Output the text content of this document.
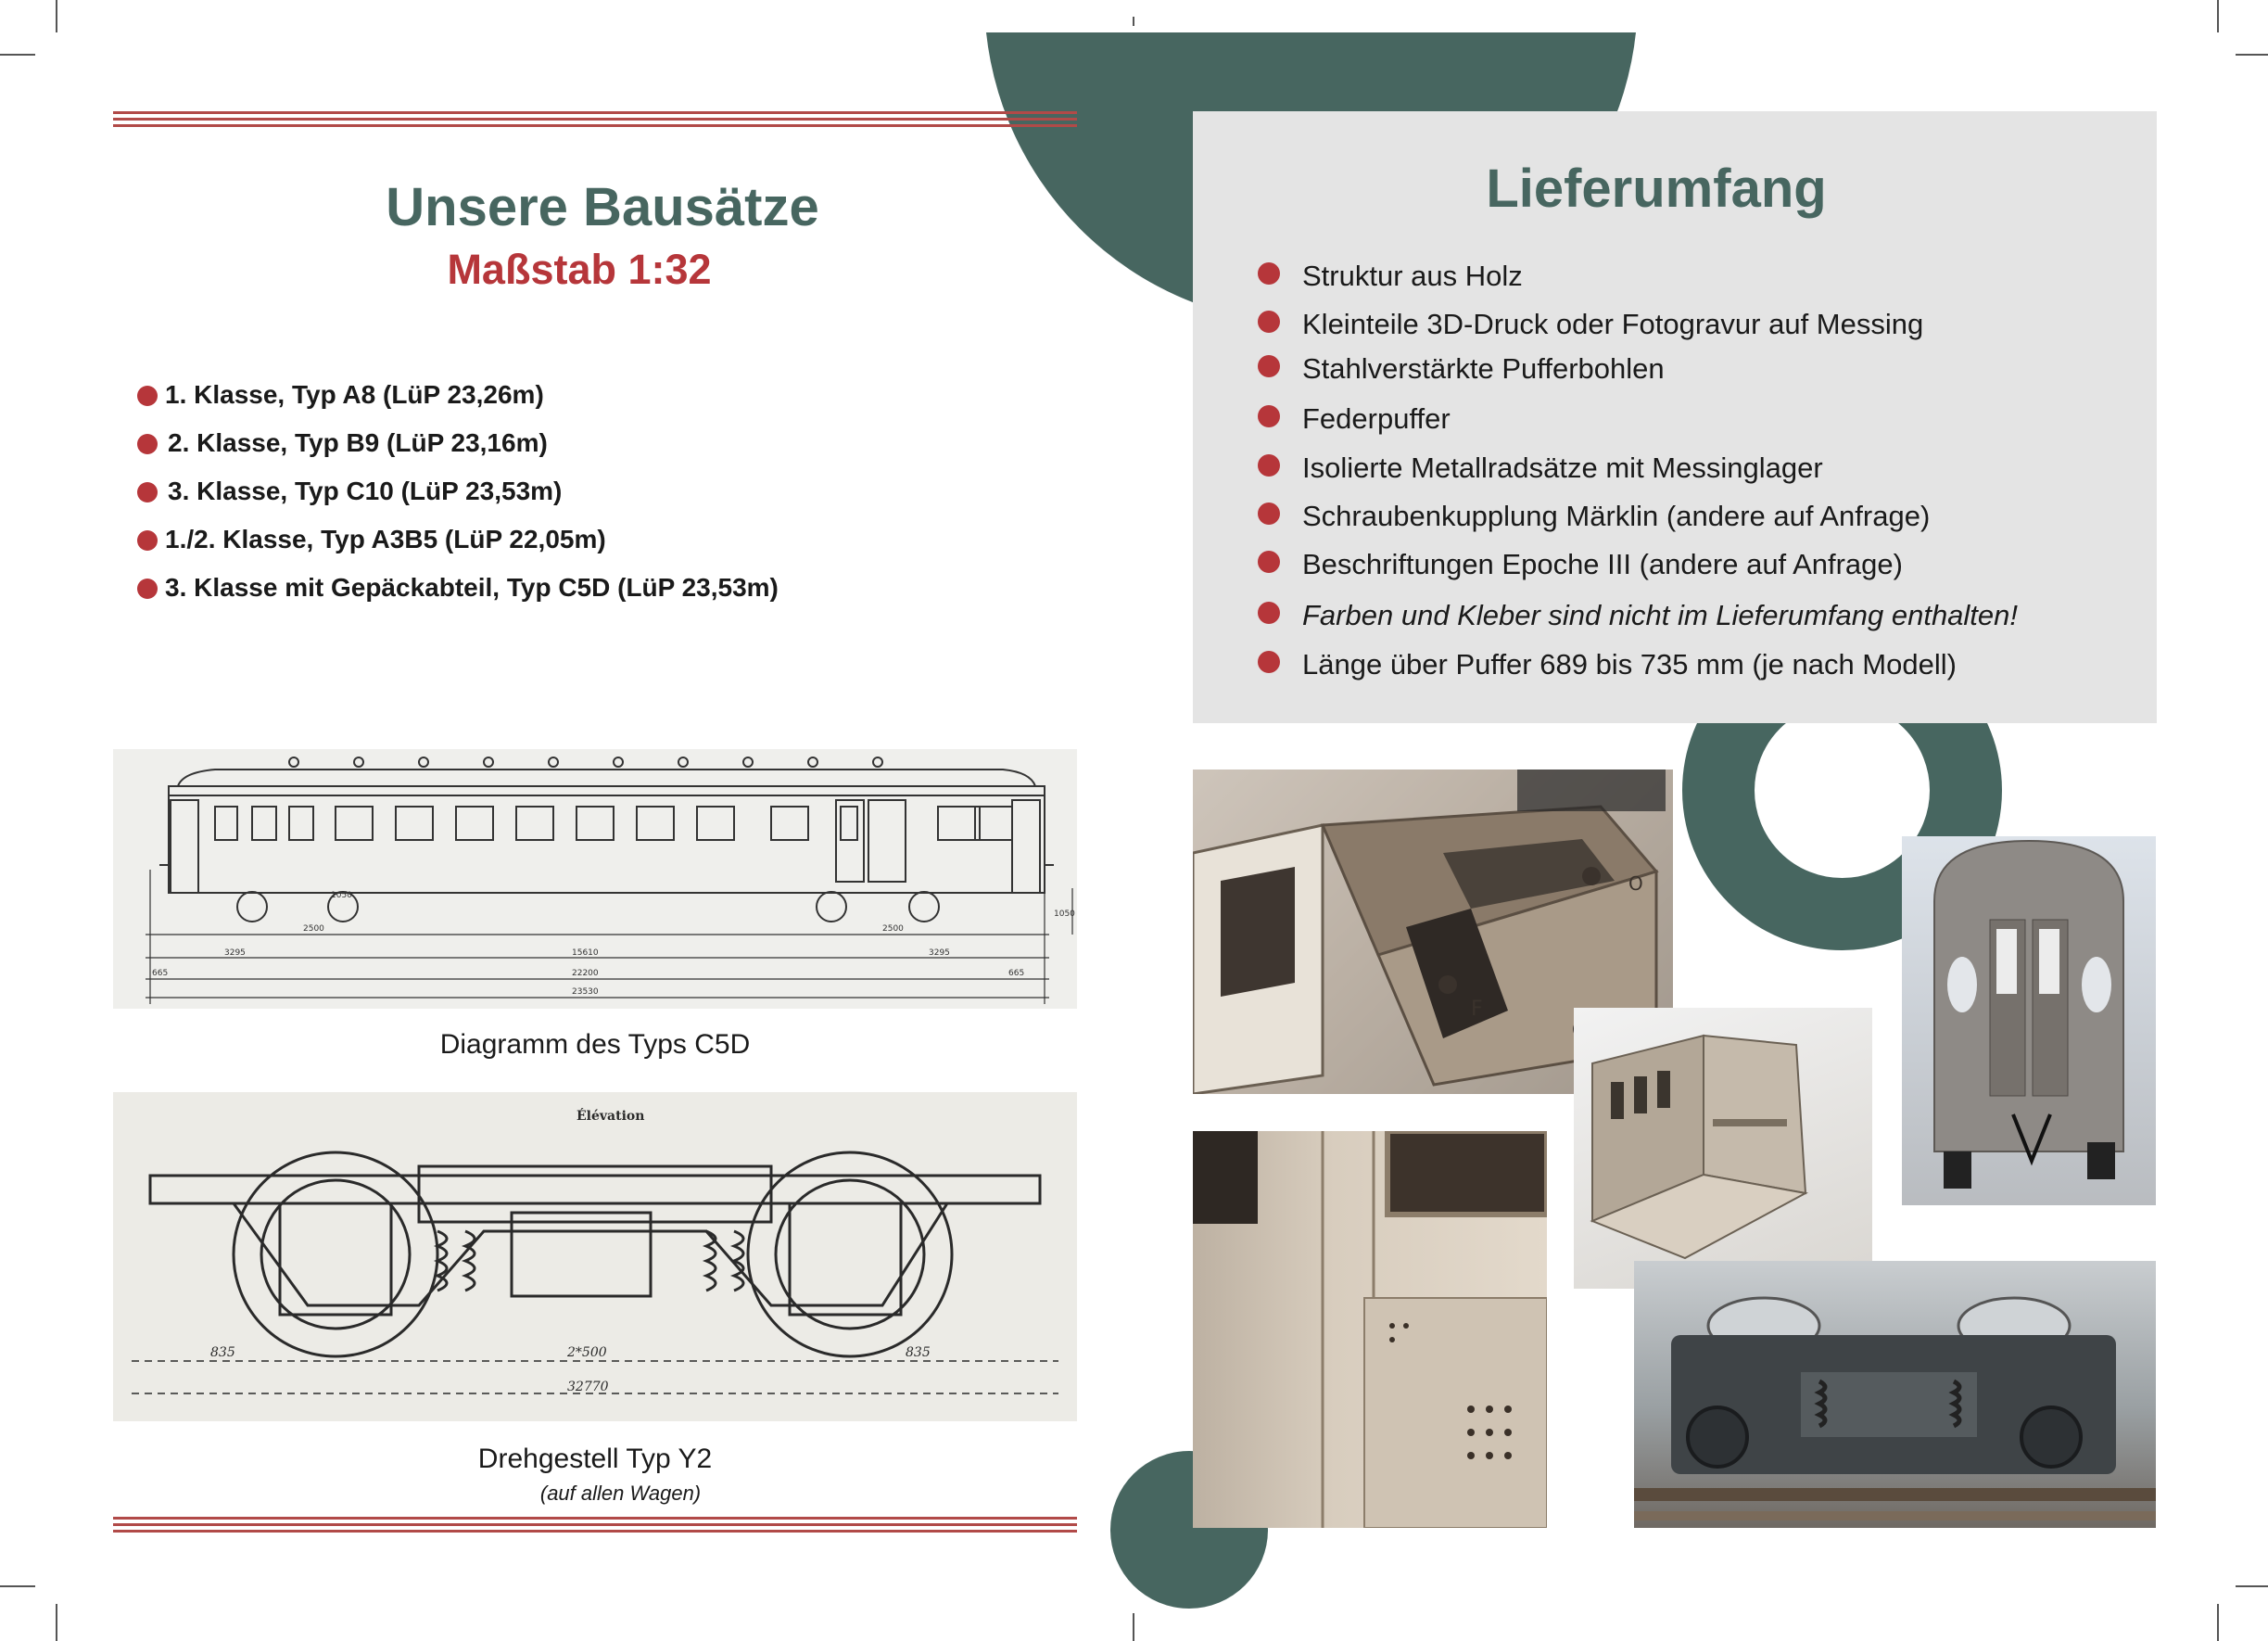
Unsere Bausätze
Maßstab 1:32
1. Klasse, Typ A8 (LüP 23,26m)
2. Klasse, Typ B9 (LüP 23,16m)
3. Klasse, Typ C10 (LüP 23,53m)
1./2. Klasse, Typ A3B5 (LüP 22,05m)
3. Klasse mit Gepäckabteil, Typ C5D (LüP 23,53m)
665
3295
2500
15610
22200
23530
2500
3295
665
1050
1050
Diagramm des Typs C5D
Élévation
835	2*500	835
32770
Drehgestell Typ Y2
(auf allen Wagen)
Lieferumfang
Struktur aus Holz
Kleinteile 3D-Druck oder Fotogravur auf Messing
Stahlverstärkte Pufferbohlen
Federpuffer
Isolierte Metallradsätze mit Messinglager
Schraubenkupplung Märklin (andere auf Anfrage)
Beschriftungen Epoche III (andere auf Anfrage)
Farben und Kleber sind nicht im Lieferumfang enthalten!
Länge über Puffer 689 bis 735 mm (je nach Modell)
F
O
